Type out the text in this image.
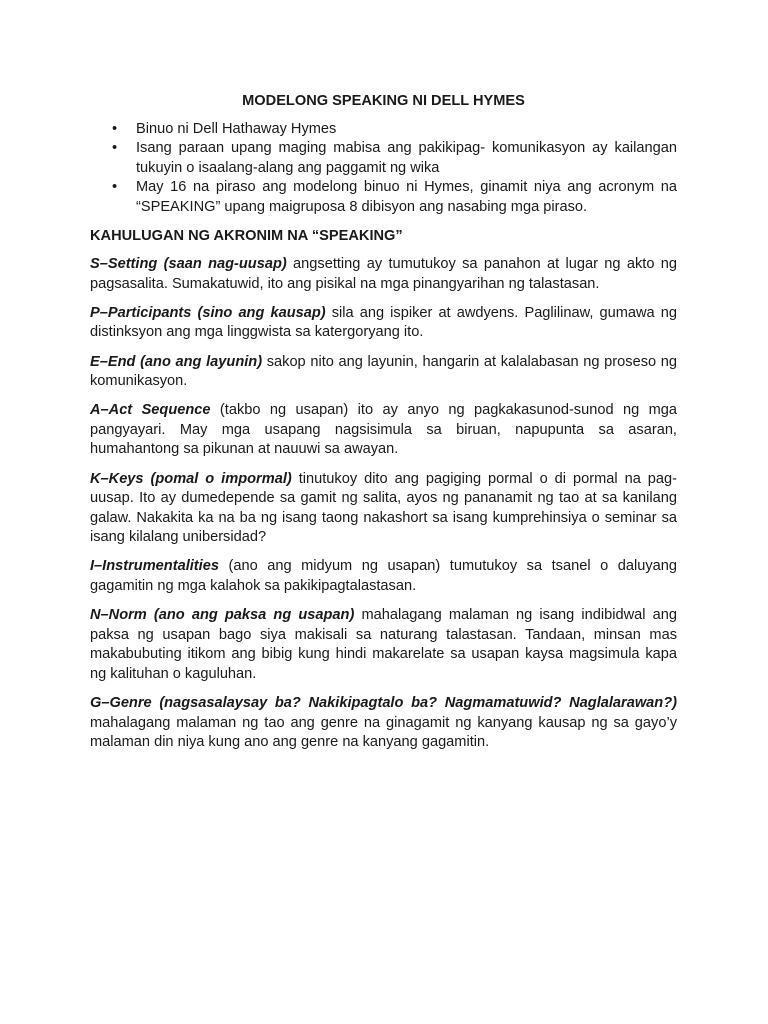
MODELONG SPEAKING NI DELL HYMES
• Binuo ni Dell Hathaway Hymes
• Isang paraan upang maging mabisa ang pakikipag- komunikasyon ay kailangan tukuyin o isaalang-alang ang paggamit ng wika
• May 16 na piraso ang modelong binuo ni Hymes, ginamit niya ang acronym na “SPEAKING” upang maigruposa 8 dibisyon ang nasabing mga piraso.
KAHULUGAN NG AKRONIM NA “SPEAKING”

S–Setting (saan nag-uusap) angsetting ay tumutukoy sa panahon at lugar ng akto ng pagsasalita. Sumakatuwid, ito ang pisikal na mga pinangyarihan ng talastasan.

P–Participants (sino ang kausap) sila ang ispiker at awdyens. Paglilinaw, gumawa ng distinksyon ang mga linggwista sa katergoryang ito.

E–End (ano ang layunin) sakop nito ang layunin, hangarin at kalalabasan ng proseso ng komunikasyon.

A–Act Sequence (takbo ng usapan) ito ay anyo ng pagkakasunod-sunod ng mga pangyayari. May mga usapang nagsisimula sa biruan, napupunta sa asaran, humahantong sa pikunan at nauuwi sa awayan.

K–Keys (pomal o impormal) tinutukoy dito ang pagiging pormal o di pormal na pag-uusap. Ito ay dumedepende sa gamit ng salita, ayos ng pananamit ng tao at sa kanilang galaw. Nakakita ka na ba ng isang taong nakashort sa isang kumprehinsiya o seminar sa isang kilalang unibersidad?

I–Instrumentalities (ano ang midyum ng usapan) tumutukoy sa tsanel o daluyang gagamitin ng mga kalahok sa pakikipagtalastasan.

N–Norm (ano ang paksa ng usapan) mahalagang malaman ng isang indibidwal ang paksa ng usapan bago siya makisali sa naturang talastasan. Tandaan, minsan mas makabubuting itikom ang bibig kung hindi makarelate sa usapan kaysa magsimula kapa ng kalituhan o kaguluhan.

G–Genre (nagsasalaysay ba? Nakikipagtalo ba? Nagmamatuwid? Naglalarawan?) mahalagang malaman ng tao ang genre na ginagamit ng kanyang kausap ng sa gayo’y malaman din niya kung ano ang genre na kanyang gagamitin.
